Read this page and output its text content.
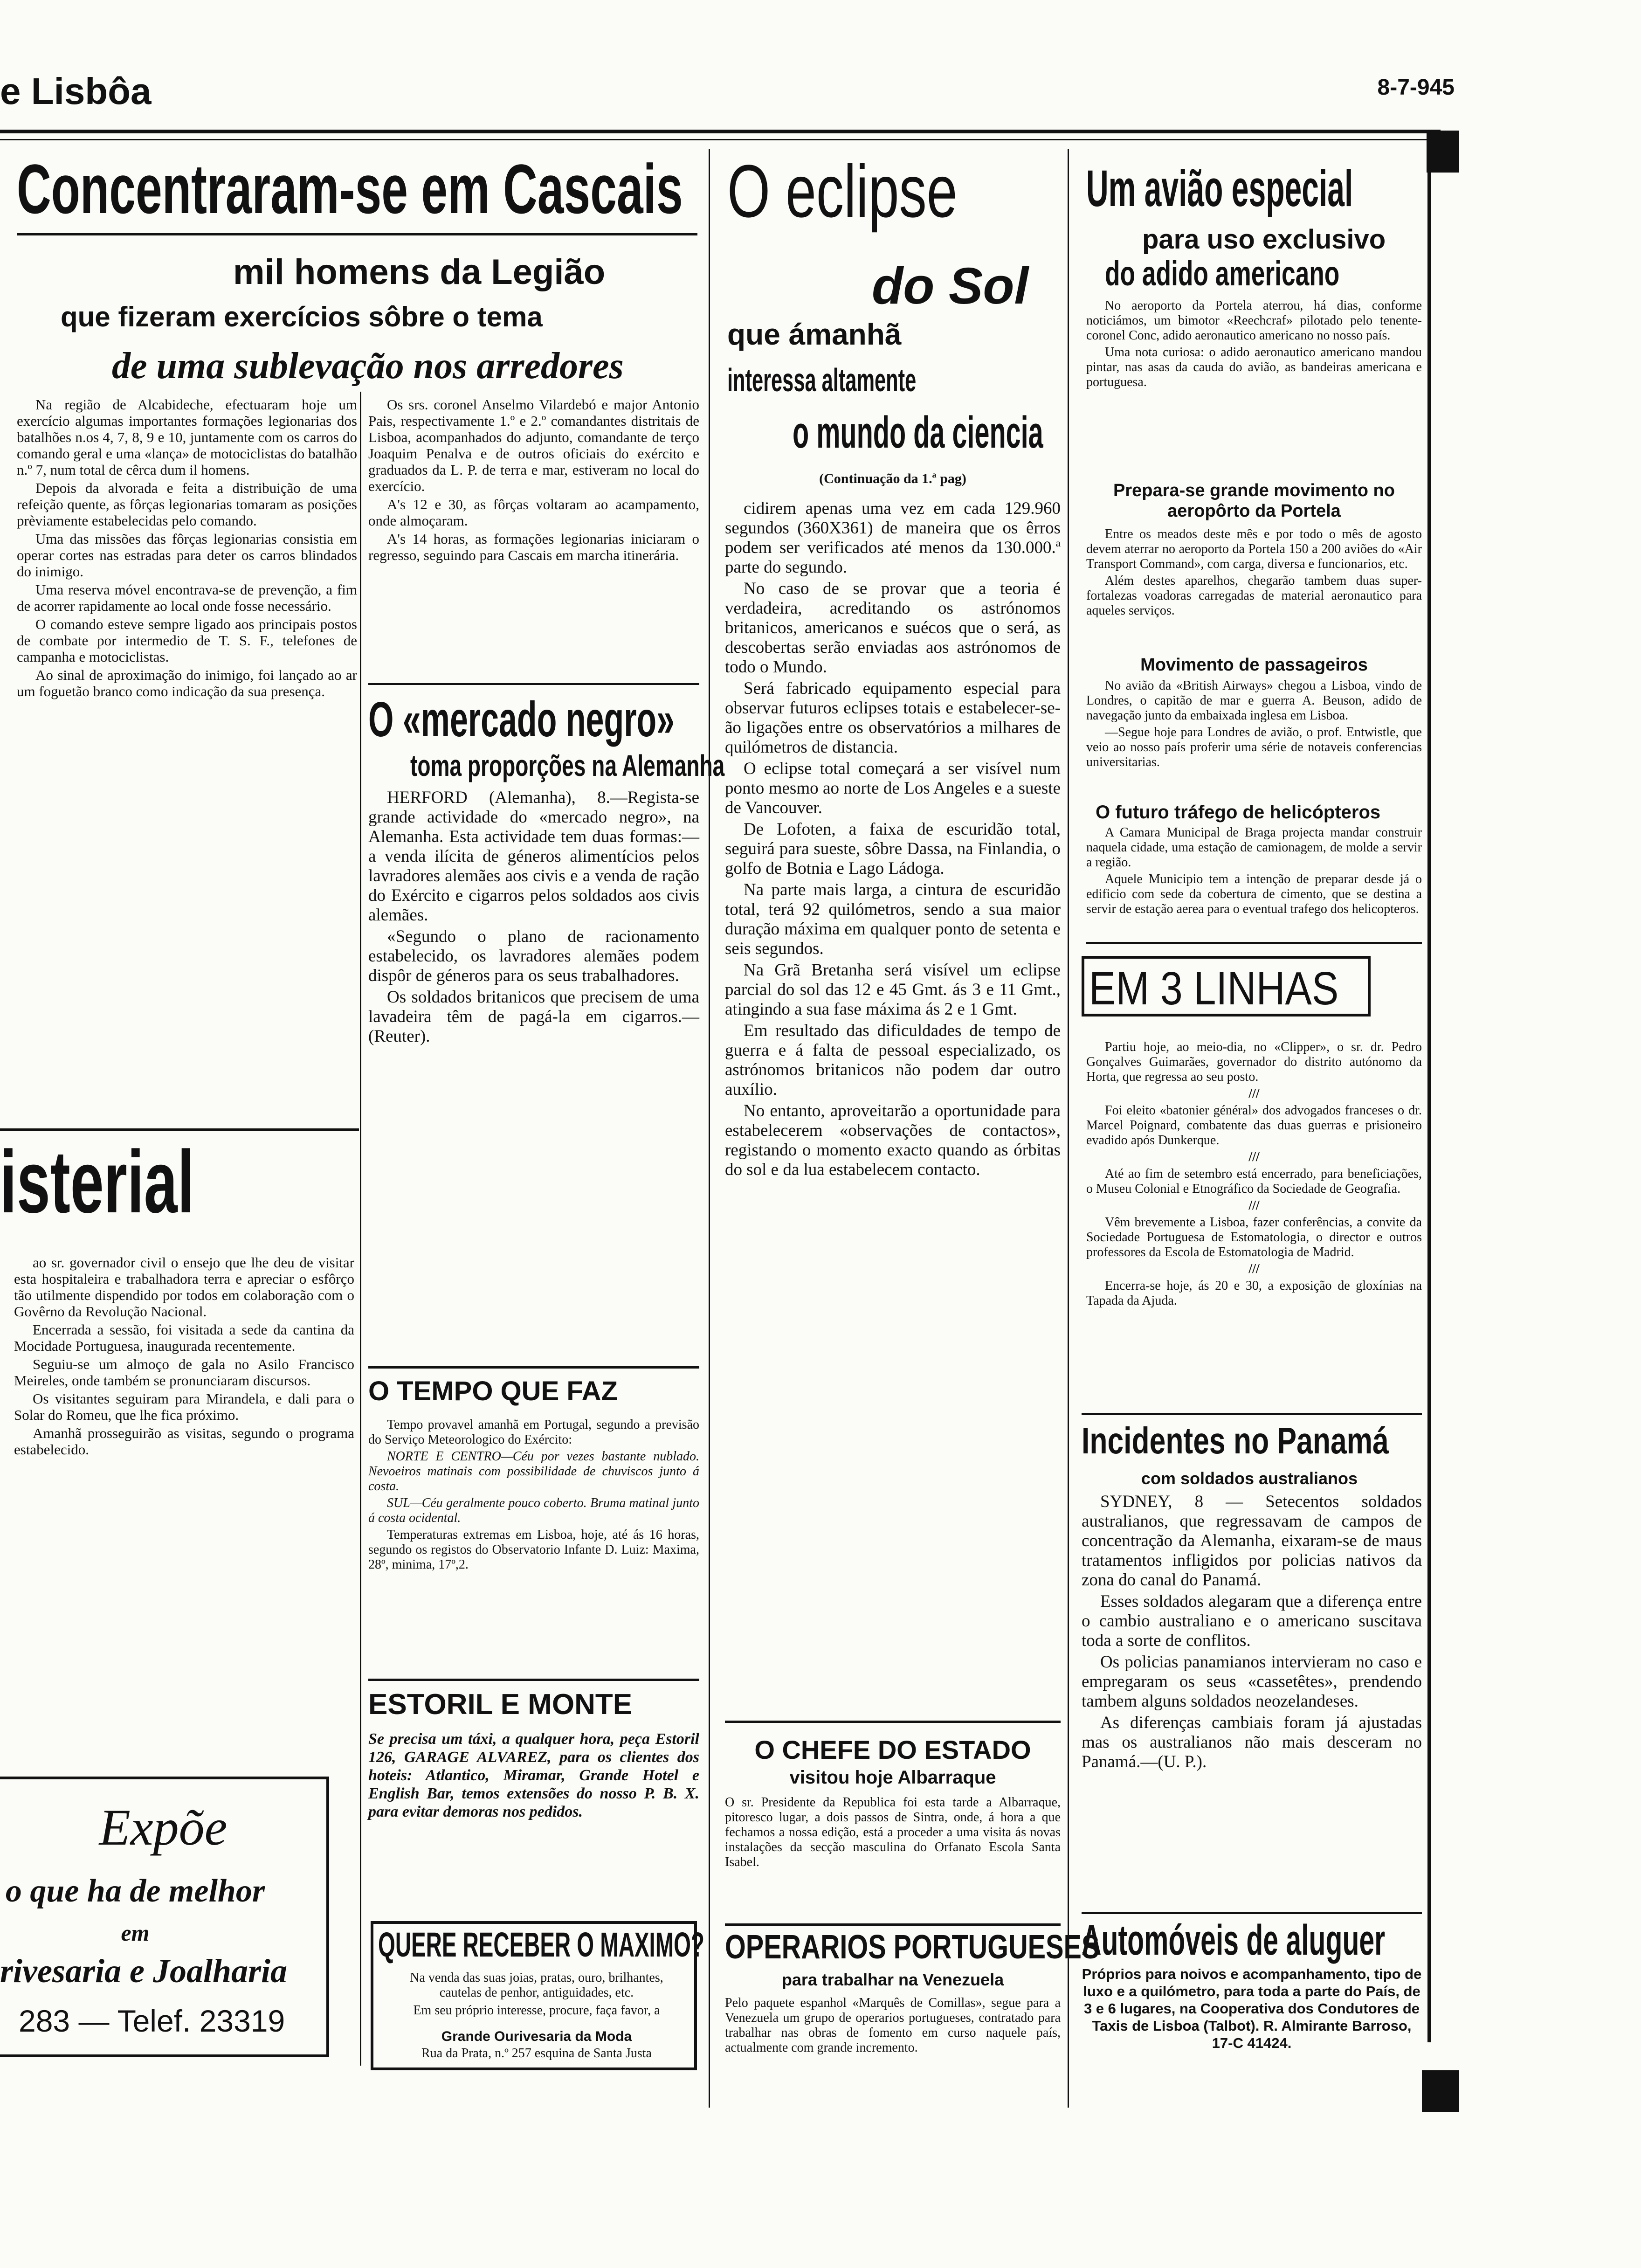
e Lisbôa	8-7-945
Concentraram-se em Cascais
mil homens da Legião
que fizeram exercícios sôbre o tema
de uma sublevação nos arredores

Na região de Alcabideche, efectuaram hoje um exercício algumas importantes formações legionarias dos batalhões n.os 4, 7, 8, 9 e 10, juntamente com os carros do comando geral e uma «lança» de motociclistas do batalhão n.º 7, num total de cêrca dum il homens.

Depois da alvorada e feita a distribuição de uma refeição quente, as fôrças legionarias tomaram as posições prèviamente estabelecidas pelo comando.

Uma das missões das fôrças legionarias consistia em operar cortes nas estradas para deter os carros blindados do inimigo.

Uma reserva móvel encontrava-se de prevenção, a fim de acorrer rapidamente ao local onde fosse necessário.

O comando esteve sempre ligado aos principais postos de combate por intermedio de T. S. F., telefones de campanha e motociclistas.

Ao sinal de aproximação do inimigo, foi lançado ao ar um foguetão branco como indicação da sua presença.

Os srs. coronel Anselmo Vilardebó e major Antonio Pais, respectivamente 1.º e 2.º comandantes distritais de Lisboa, acompanhados do adjunto, comandante de terço Joaquim Penalva e de outros oficiais do exército e graduados da L. P. de terra e mar, estiveram no local do exercício.

A's 12 e 30, as fôrças voltaram ao acampamento, onde almoçaram.

A's 14 horas, as formações legionarias iniciaram o regresso, seguindo para Cascais em marcha itinerária.

O «mercado negro»
toma proporções na Alemanha

HERFORD (Alemanha), 8.—Regista-se grande actividade do «mercado negro», na Alemanha. Esta actividade tem duas formas:—a venda ilícita de géneros alimentícios pelos lavradores alemães aos civis e a venda de ração do Exército e cigarros pelos soldados aos civis alemães.

«Segundo o plano de racionamento estabelecido, os lavradores alemães podem dispôr de géneros para os seus trabalhadores.

Os soldados britanicos que precisem de uma lavadeira têm de pagá-la em cigarros.—(Reuter).

O TEMPO QUE FAZ

Tempo provavel amanhã em Portugal, segundo a previsão do Serviço Meteorologico do Exército:

NORTE E CENTRO—Céu por vezes bastante nublado. Nevoeiros matinais com possibilidade de chuviscos junto á costa.

SUL—Céu geralmente pouco coberto. Bruma matinal junto á costa ocidental.

Temperaturas extremas em Lisboa, hoje, até ás 16 horas, segundo os registos do Observatorio Infante D. Luiz: Maxima, 28º, minima, 17º,2.

ESTORIL E MONTE
Se precisa um táxi, a qualquer hora, peça Estoril 126, GARAGE ALVAREZ, para os clientes dos hoteis: Atlantico, Miramar, Grande Hotel e English Bar, temos extensões do nosso P. B. X. para evitar demoras nos pedidos.
QUERE RECEBER O MAXIMO?
Na venda das suas joias, pratas, ouro, brilhantes, cautelas de penhor, antiguidades, etc.
Em seu próprio interesse, procure, faça favor, a
Grande Ourivesaria da Moda
Rua da Prata, n.º 257 esquina de Santa Justa
isterial

ao sr. governador civil o ensejo que lhe deu de visitar esta hospitaleira e trabalhadora terra e apreciar o esfôrço tão utilmente dispendido por todos em colaboração com o Govêrno da Revolução Nacional.

Encerrada a sessão, foi visitada a sede da cantina da Mocidade Portuguesa, inaugurada recentemente.

Seguiu-se um almoço de gala no Asilo Francisco Meireles, onde também se pronunciaram discursos.

Os visitantes seguiram para Mirandela, e dali para o Solar do Romeu, que lhe fica próximo.

Amanhã prosseguirão as visitas, segundo o programa estabelecido.

Expõe
o que ha de melhor
em
rivesaria e Joalharia
283 — Telef. 23319
O eclipse
do Sol
que ámanhã
interessa altamente
o mundo da ciencia
(Continuação da 1.ª pag)

cidirem apenas uma vez em cada 129.960 segundos (360X361) de maneira que os êrros podem ser verificados até menos da 130.000.ª parte do segundo.

No caso de se provar que a teoria é verdadeira, acreditando os astrónomos britanicos, americanos e suécos que o será, as descobertas serão enviadas aos astrónomos de todo o Mundo.

Será fabricado equipamento especial para observar futuros eclipses totais e estabelecer-se-ão ligações entre os observatórios a milhares de quilómetros de distancia.

O eclipse total começará a ser visível num ponto mesmo ao norte de Los Angeles e a sueste de Vancouver.

De Lofoten, a faixa de escuridão total, seguirá para sueste, sôbre Dassa, na Finlandia, o golfo de Botnia e Lago Ládoga.

Na parte mais larga, a cintura de escuridão total, terá 92 quilómetros, sendo a sua maior duração máxima em qualquer ponto de setenta e seis segundos.

Na Grã Bretanha será visível um eclipse parcial do sol das 12 e 45 Gmt. ás 3 e 11 Gmt., atingindo a sua fase máxima ás 2 e 1 Gmt.

Em resultado das dificuldades de tempo de guerra e á falta de pessoal especializado, os astrónomos britanicos não podem dar outro auxílio.

No entanto, aproveitarão a oportunidade para estabelecerem «observações de contactos», registando o momento exacto quando as órbitas do sol e da lua estabelecem contacto.

O CHEFE DO ESTADO
visitou hoje Albarraque
O sr. Presidente da Republica foi esta tarde a Albarraque, pitoresco lugar, a dois passos de Sintra, onde, á hora a que fechamos a nossa edição, está a proceder a uma visita ás novas instalações da secção masculina do Orfanato Escola Santa Isabel.
OPERARIOS PORTUGUESES
para trabalhar na Venezuela
Pelo paquete espanhol «Marquês de Comillas», segue para a Venezuela um grupo de operarios portugueses, contratado para trabalhar nas obras de fomento em curso naquele país, actualmente com grande incremento.
Um avião especial
para uso exclusivo
do adido americano

No aeroporto da Portela aterrou, há dias, conforme noticiámos, um bimotor «Reechcraf» pilotado pelo tenente-coronel Conc, adido aeronautico americano no nosso país.

Uma nota curiosa: o adido aeronautico americano mandou pintar, nas asas da cauda do avião, as bandeiras americana e portuguesa.

Prepara-se grande movimento no aeropôrto da Portela

Entre os meados deste mês e por todo o mês de agosto devem aterrar no aeroporto da Portela 150 a 200 aviões do «Air Transport Command», com carga, diversa e funcionarios, etc.

Além destes aparelhos, chegarão tambem duas super-fortalezas voadoras carregadas de material aeronautico para aqueles serviços.

Movimento de passageiros

No avião da «British Airways» chegou a Lisboa, vindo de Londres, o capitão de mar e guerra A. Beuson, adido de navegação junto da embaixada inglesa em Lisboa.

—Segue hoje para Londres de avião, o prof. Entwistle, que veio ao nosso país proferir uma série de notaveis conferencias universitarias.

O futuro tráfego de helicópteros

A Camara Municipal de Braga projecta mandar construir naquela cidade, uma estação de camionagem, de molde a servir a região.

Aquele Municipio tem a intenção de preparar desde já o edificio com sede da cobertura de cimento, que se destina a servir de estação aerea para o eventual trafego dos helicopteros.

EM 3 LINHAS

Partiu hoje, ao meio-dia, no «Clipper», o sr. dr. Pedro Gonçalves Guimarães, governador do distrito autónomo da Horta, que regressa ao seu posto.

///

Foi eleito «batonier général» dos advogados franceses o dr. Marcel Poignard, combatente das duas guerras e prisioneiro evadido após Dunkerque.

///

Até ao fim de setembro está encerrado, para beneficiações, o Museu Colonial e Etnográfico da Sociedade de Geografia.

///

Vêm brevemente a Lisboa, fazer conferências, a convite da Sociedade Portuguesa de Estomatologia, o director e outros professores da Escola de Estomatologia de Madrid.

///

Encerra-se hoje, ás 20 e 30, a exposição de gloxínias na Tapada da Ajuda.

Incidentes no Panamá
com soldados australianos

SYDNEY, 8 — Setecentos soldados australianos, que regressavam de campos de concentração da Alemanha, eixaram-se de maus tratamentos infligidos por policias nativos da zona do canal do Panamá.

Esses soldados alegaram que a diferença entre o cambio australiano e o americano suscitava toda a sorte de conflitos.

Os policias panamianos intervieram no caso e empregaram os seus «cassetêtes», prendendo tambem alguns soldados neozelandeses.

As diferenças cambiais foram já ajustadas mas os australianos não mais desceram no Panamá.—(U. P.).

Automóveis de aluguer
Próprios para noivos e acompanhamento, tipo de luxo e a quilómetro, para toda a parte do País, de 3 e 6 lugares, na Cooperativa dos Condutores de Taxis de Lisboa (Talbot). R. Almirante Barroso, 17-C 41424.
